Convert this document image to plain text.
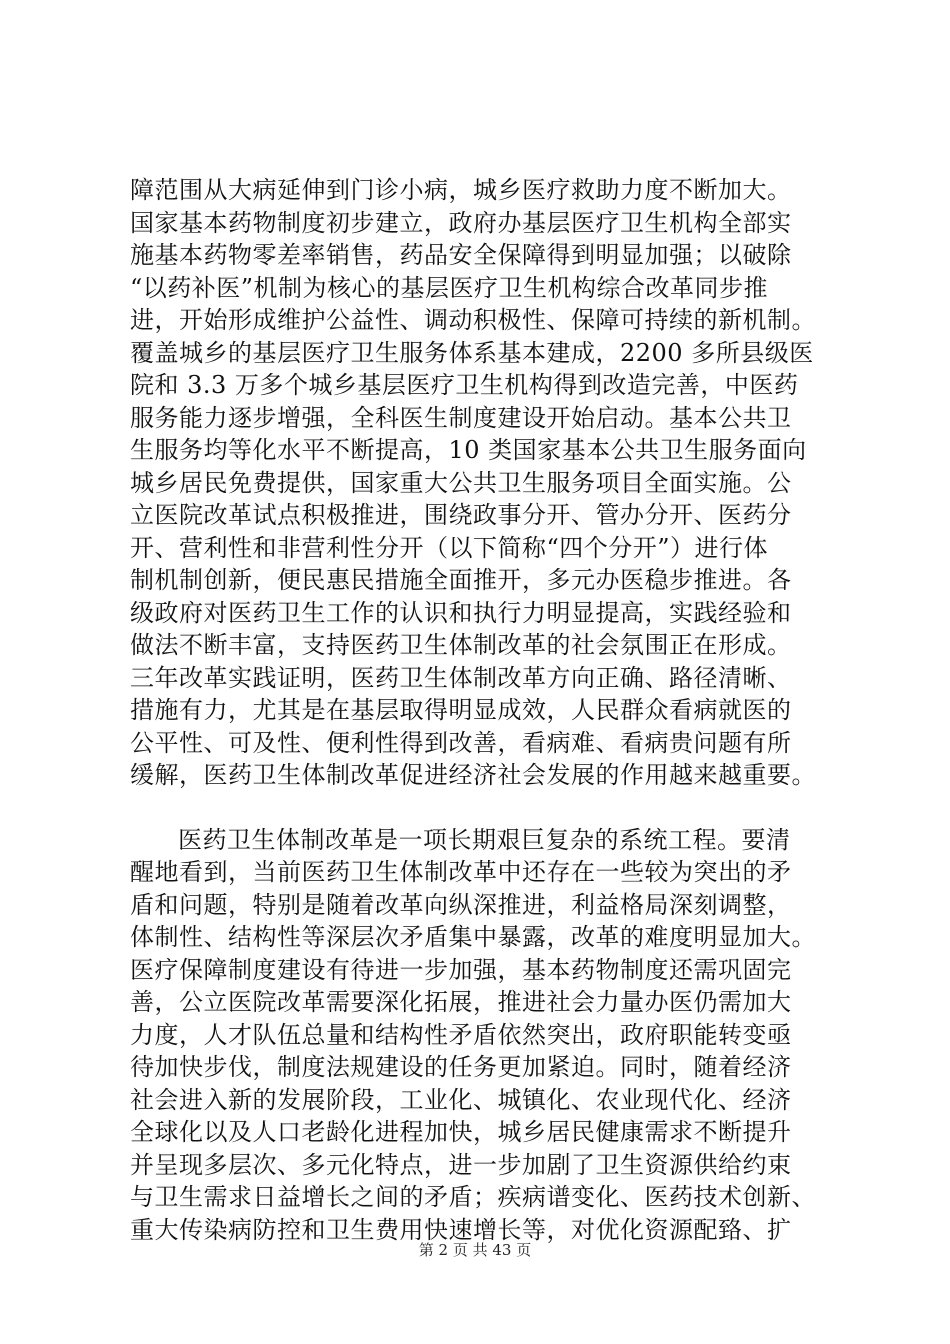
障范围从大病延伸到门诊小病，城乡医疗救助力度不断加大。
国家基本药物制度初步建立，政府办基层医疗卫生机构全部实
施基本药物零差率销售，药品安全保障得到明显加强；以破除
“以药补医”机制为核心的基层医疗卫生机构综合改革同步推
进，开始形成维护公益性、调动积极性、保障可持续的新机制。
覆盖城乡的基层医疗卫生服务体系基本建成，2200 多所县级医
院和 3.3 万多个城乡基层医疗卫生机构得到改造完善，中医药
服务能力逐步增强，全科医生制度建设开始启动。基本公共卫
生服务均等化水平不断提高，10 类国家基本公共卫生服务面向
城乡居民免费提供，国家重大公共卫生服务项目全面实施。公
立医院改革试点积极推进，围绕政事分开、管办分开、医药分
开、营利性和非营利性分开（以下简称“四个分开”）进行体
制机制创新，便民惠民措施全面推开，多元办医稳步推进。各
级政府对医药卫生工作的认识和执行力明显提高，实践经验和
做法不断丰富，支持医药卫生体制改革的社会氛围正在形成。
三年改革实践证明，医药卫生体制改革方向正确、路径清晰、
措施有力，尤其是在基层取得明显成效，人民群众看病就医的
公平性、可及性、便利性得到改善，看病难、看病贵问题有所
缓解，医药卫生体制改革促进经济社会发展的作用越来越重要。
医药卫生体制改革是一项长期艰巨复杂的系统工程。要清
醒地看到，当前医药卫生体制改革中还存在一些较为突出的矛
盾和问题，特别是随着改革向纵深推进，利益格局深刻调整，
体制性、结构性等深层次矛盾集中暴露，改革的难度明显加大。
医疗保障制度建设有待进一步加强，基本药物制度还需巩固完
善，公立医院改革需要深化拓展，推进社会力量办医仍需加大
力度，人才队伍总量和结构性矛盾依然突出，政府职能转变亟
待加快步伐，制度法规建设的任务更加紧迫。同时，随着经济
社会进入新的发展阶段，工业化、城镇化、农业现代化、经济
全球化以及人口老龄化进程加快，城乡居民健康需求不断提升
并呈现多层次、多元化特点，进一步加剧了卫生资源供给约束
与卫生需求日益增长之间的矛盾；疾病谱变化、医药技术创新、
重大传染病防控和卫生费用快速增长等，对优化资源配臵、扩
第 2 页 共 43 页
